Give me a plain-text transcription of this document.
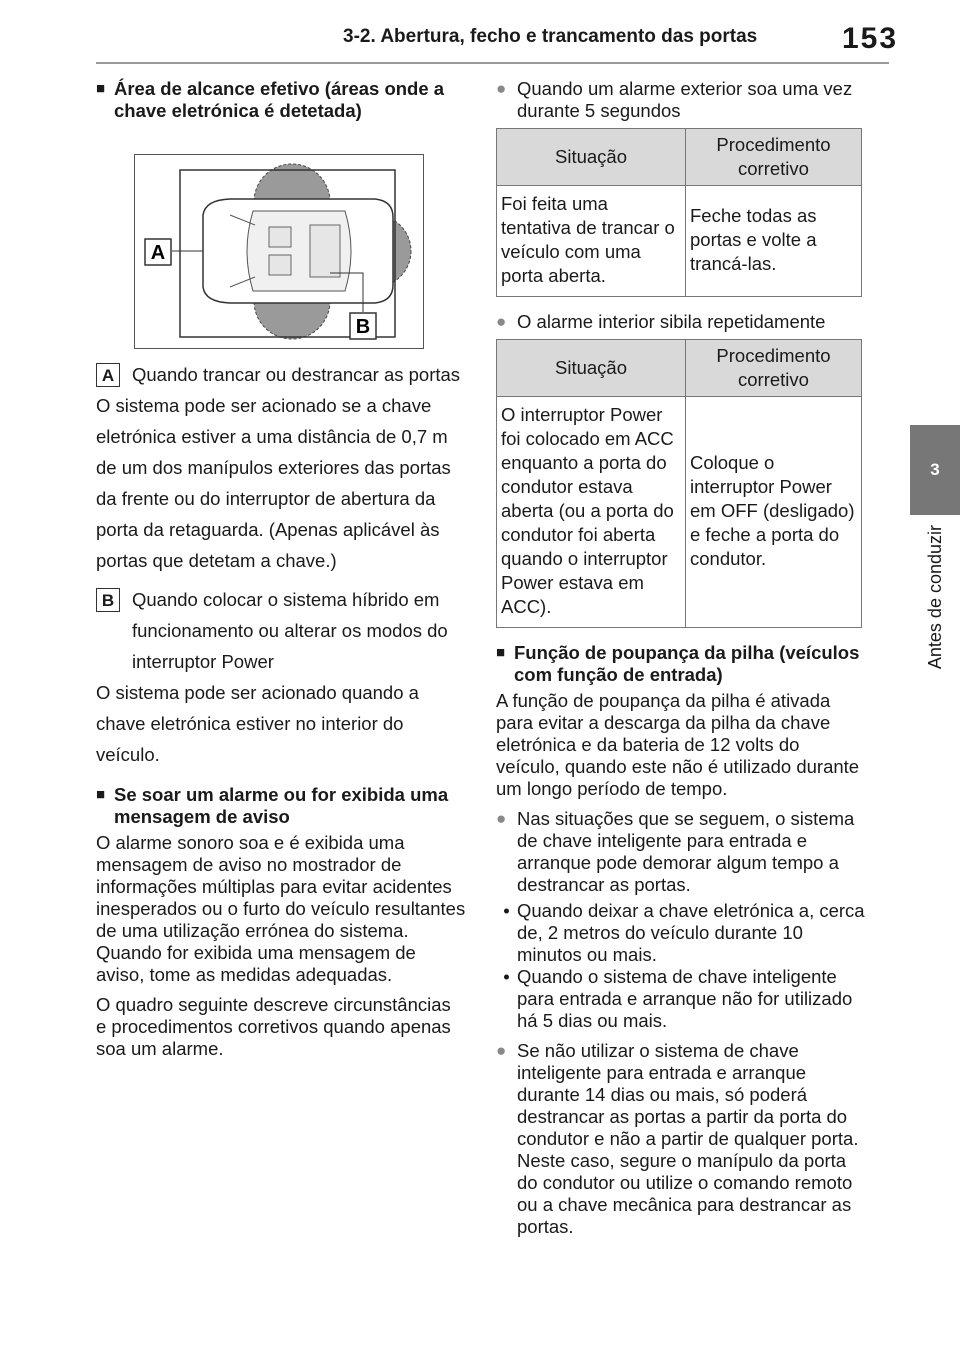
3-2. Abertura, fecho e trancamento das portas	153
3
Antes de conduzir
■ Área de alcance efetivo (áreas onde a chave eletrónica é detetada)
A
B
A Quando trancar ou destrancar as portas

O sistema pode ser acionado se a chave eletrónica estiver a uma distância de 0,7 m de um dos manípulos exteriores das portas da frente ou do interruptor de abertura da porta da retaguarda. (Apenas aplicável às portas que detetam a chave.)

B Quando colocar o sistema híbrido em funcionamento ou alterar os modos do interruptor Power

O sistema pode ser acionado quando a chave eletrónica estiver no interior do veículo.

■ Se soar um alarme ou for exibida uma mensagem de aviso

O alarme sonoro soa e é exibida uma mensagem de aviso no mostrador de informações múltiplas para evitar acidentes inesperados ou o furto do veículo resultantes de uma utilização errónea do sistema. Quando for exibida uma mensagem de aviso, tome as medidas adequadas.

O quadro seguinte descreve circunstâncias e procedimentos corretivos quando apenas soa um alarme.

● Quando um alarme exterior soa uma vez durante 5 segundos
Situação	Procedimento corretivo
Foi feita uma tentativa de trancar o veículo com uma porta aberta.	Feche todas as portas e volte a trancá-las.
● O alarme interior sibila repetidamente
Situação	Procedimento corretivo
O interruptor Power foi colocado em ACC enquanto a porta do condutor estava aberta (ou a porta do condutor foi aberta quando o interruptor Power estava em ACC).	Coloque o interruptor Power em OFF (desligado) e feche a porta do condutor.
■ Função de poupança da pilha (veículos com função de entrada)

A função de poupança da pilha é ativada para evitar a descarga da pilha da chave eletrónica e da bateria de 12 volts do veículo, quando este não é utilizado durante um longo período de tempo.

● Nas situações que se seguem, o sistema de chave inteligente para entrada e arranque pode demorar algum tempo a destrancar as portas.
• Quando deixar a chave eletrónica a, cerca de, 2 metros do veículo durante 10 minutos ou mais.
• Quando o sistema de chave inteligente para entrada e arranque não for utilizado há 5 dias ou mais.
● Se não utilizar o sistema de chave inteligente para entrada e arranque durante 14 dias ou mais, só poderá destrancar as portas a partir da porta do condutor e não a partir de qualquer porta. Neste caso, segure o manípulo da porta do condutor ou utilize o comando remoto ou a chave mecânica para destrancar as portas.
